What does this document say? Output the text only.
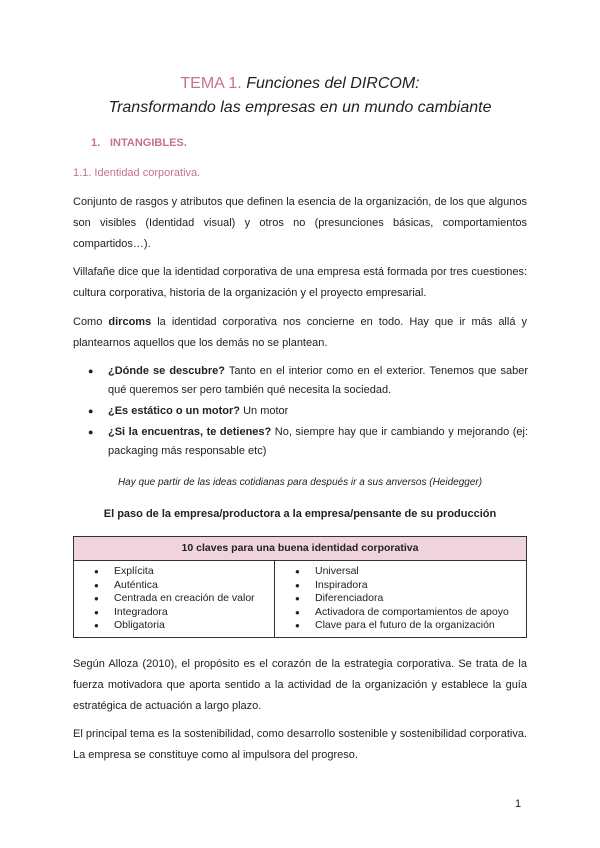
TEMA 1. Funciones del DIRCOM:
Transformando las empresas en un mundo cambiante
1. INTANGIBLES.
1.1. Identidad corporativa.
Conjunto de rasgos y atributos que definen la esencia de la organización, de los que algunos son visibles (Identidad visual) y otros no (presunciones básicas, comportamientos compartidos…).
Villafañe dice que la identidad corporativa de una empresa está formada por tres cuestiones: cultura corporativa, historia de la organización y el proyecto empresarial.
Como dircoms la identidad corporativa nos concierne en todo. Hay que ir más allá y plantearnos aquellos que los demás no se plantean.
● ¿Dónde se descubre? Tanto en el interior como en el exterior. Tenemos que saber qué queremos ser pero también qué necesita la sociedad.
● ¿Es estático o un motor? Un motor
● ¿Si la encuentras, te detienes? No, siempre hay que ir cambiando y mejorando (ej: packaging más responsable etc)
Hay que partir de las ideas cotidianas para después ir a sus anversos (Heidegger)
El paso de la empresa/productora a la empresa/pensante de su producción
10 claves para una buena identidad corporativa
● Explícita
● Auténtica
● Centrada en creación de valor
● Integradora
● Obligatoria
● Universal
● Inspiradora
● Diferenciadora
● Activadora de comportamientos de apoyo
● Clave para el futuro de la organización
Según Alloza (2010), el propósito es el corazón de la estrategia corporativa. Se trata de la fuerza motivadora que aporta sentido a la actividad de la organización y establece la guía estratégica de actuación a largo plazo.
El principal tema es la sostenibilidad, como desarrollo sostenible y sostenibilidad corporativa. La empresa se constituye como al impulsora del progreso.
1
